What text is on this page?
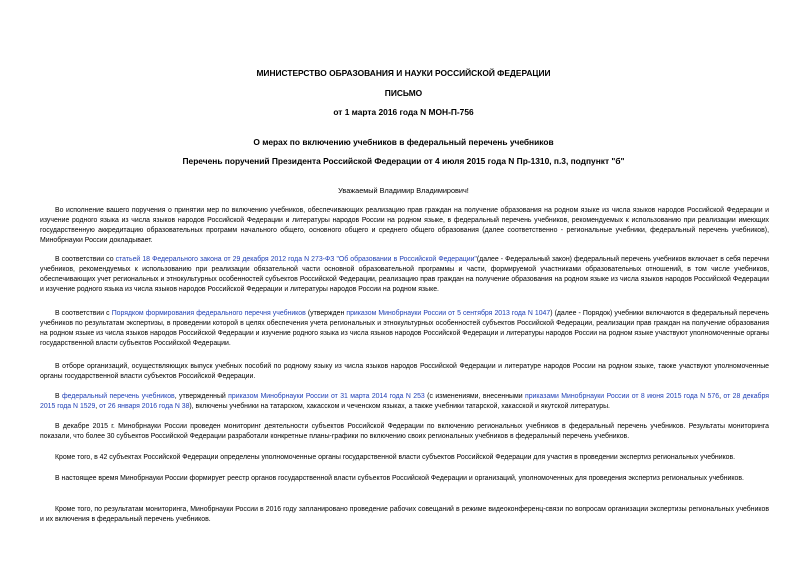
МИНИСТЕРСТВО ОБРАЗОВАНИЯ И НАУКИ РОССИЙСКОЙ ФЕДЕРАЦИИ
ПИСЬМО
от 1 марта 2016 года N МОН-П-756
О мерах по включению учебников в федеральный перечень учебников
Перечень поручений Президента Российской Федерации от 4 июля 2015 года N Пр-1310, п.3, подпункт "б"
Уважаемый Владимир Владимирович!

Во исполнение вашего поручения о принятии мер по включению учебников, обеспечивающих реализацию прав граждан на получение образования на родном языке из числа языков народов Российской Федерации и изучение родного языка из числа языков народов Российской Федерации и литературы народов России на родном языке, в федеральный перечень учебников, рекомендуемых к использованию при реализации имеющих государственную аккредитацию образовательных программ начального общего, основного общего и среднего общего образования (далее соответственно - региональные учебники, федеральный перечень учебников), Минобрнауки России докладывает.

В соответствии со статьей 18 Федерального закона от 29 декабря 2012 года N 273-ФЗ "Об образовании в Российской Федерации"(далее - Федеральный закон) федеральный перечень учебников включает в себя перечни учебников, рекомендуемых к использованию при реализации обязательной части основной образовательной программы и части, формируемой участниками образовательных отношений, в том числе учебников, обеспечивающих учет региональных и этнокультурных особенностей субъектов Российской Федерации, реализацию прав граждан на получение образования на родном языке из числа языков народов Российской Федерации и изучение родного языка из числа языков народов Российской Федерации и литературы народов России на родном языке.

В соответствии с Порядком формирования федерального перечня учебников (утвержден приказом Минобрнауки России от 5 сентября 2013 года N 1047) (далее - Порядок) учебники включаются в федеральный перечень учебников по результатам экспертизы, в проведении которой в целях обеспечения учета региональных и этнокультурных особенностей субъектов Российской Федерации, реализации прав граждан на получение образования на родном языке из числа языков народов Российской Федерации и изучение родного языка из числа языков народов Российской Федерации и литературы народов России на родном языке участвуют уполномоченные органы государственной власти субъектов Российской Федерации.

В отборе организаций, осуществляющих выпуск учебных пособий по родному языку из числа языков народов Российской Федерации и литературе народов России на родном языке, также участвуют уполномоченные органы государственной власти субъектов Российской Федерации.

В федеральный перечень учебников, утвержденный приказом Минобрнауки России от 31 марта 2014 года N 253 (с изменениями, внесенными приказами Минобрнауки России от 8 июня 2015 года N 576, от 28 декабря 2015 года N 1529, от 26 января 2016 года N 38), включены учебники на татарском, хакасском и чеченском языках, а также учебники татарской, хакасской и якутской литературы.

В декабре 2015 г. Минобрнауки России проведен мониторинг деятельности субъектов Российской Федерации по включению региональных учебников в федеральный перечень учебников. Результаты мониторинга показали, что более 30 субъектов Российской Федерации разработали конкретные планы-графики по включению своих региональных учебников в федеральный перечень учебников.

Кроме того, в 42 субъектах Российской Федерации определены уполномоченные органы государственной власти субъектов Российской Федерации для участия в проведении экспертиз региональных учебников.

В настоящее время Минобрнауки России формирует реестр органов государственной власти субъектов Российской Федерации и организаций, уполномоченных для проведения экспертиз региональных учебников.

Кроме того, по результатам мониторинга, Минобрнауки России в 2016 году запланировано проведение рабочих совещаний в режиме видеоконференц-связи по вопросам организации экспертизы региональных учебников и их включения в федеральный перечень учебников.
